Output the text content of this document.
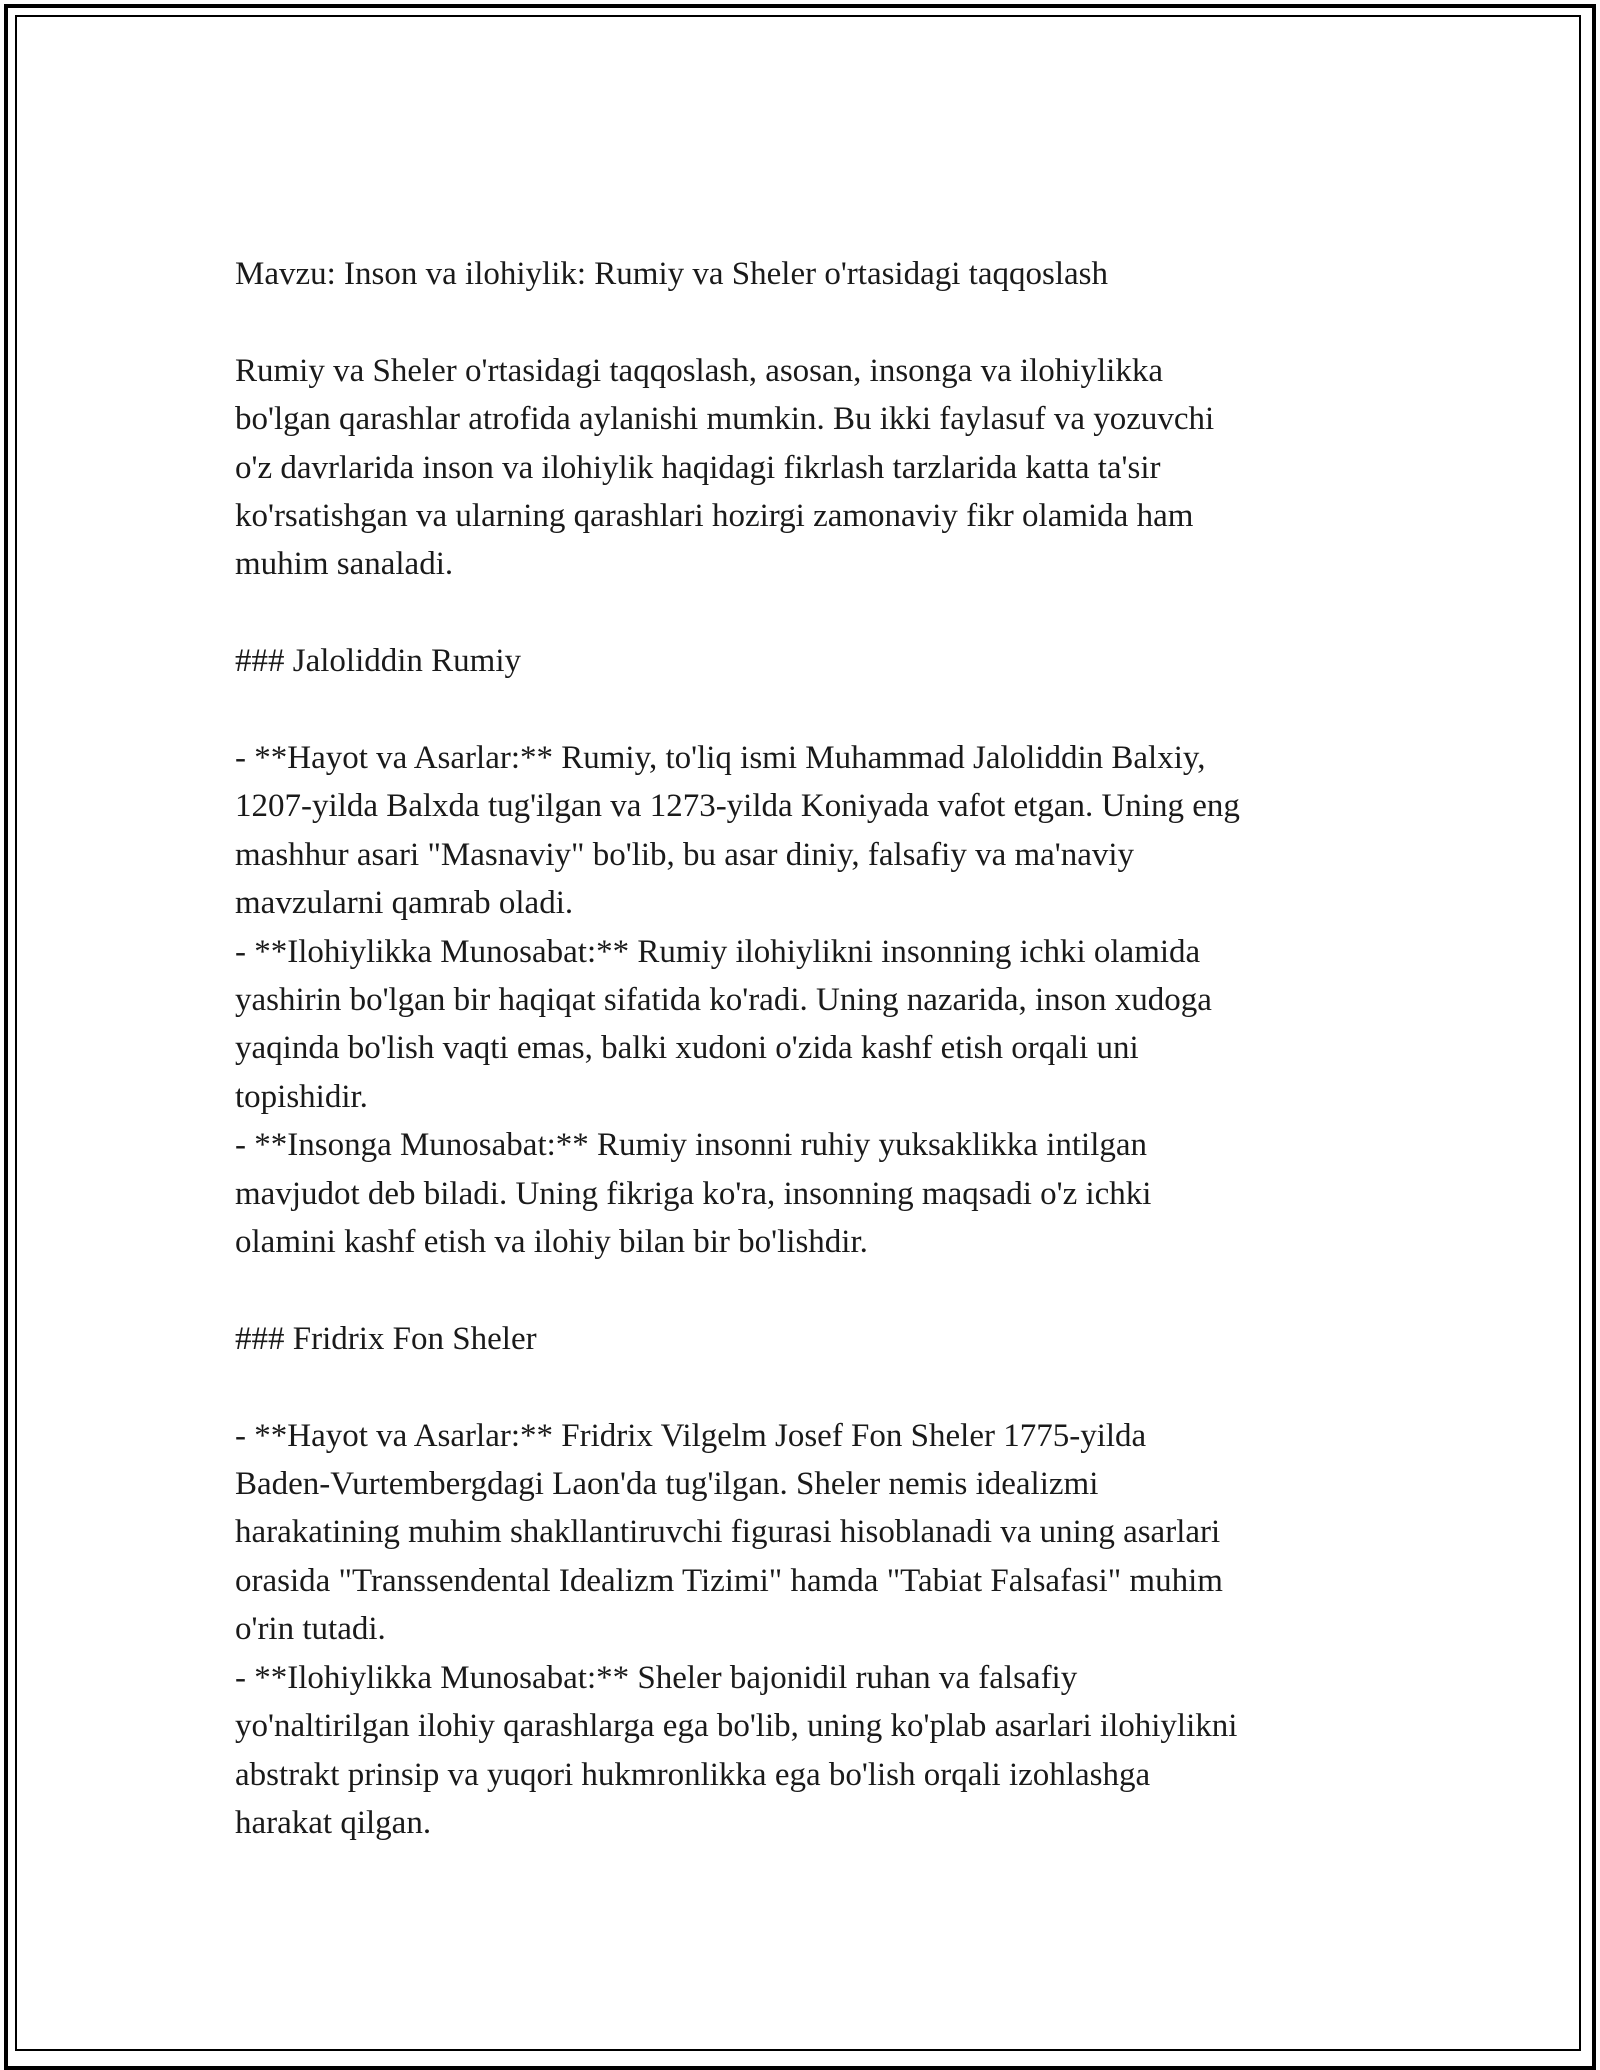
Mavzu: Inson va ilohiylik: Rumiy va Sheler o'rtasidagi taqqoslash

Rumiy va Sheler o'rtasidagi taqqoslash, asosan, insonga va ilohiylikka
bo'lgan qarashlar atrofida aylanishi mumkin. Bu ikki faylasuf va yozuvchi
o'z davrlarida inson va ilohiylik haqidagi fikrlash tarzlarida katta ta'sir
ko'rsatishgan va ularning qarashlari hozirgi zamonaviy fikr olamida ham
muhim sanaladi.

### Jaloliddin Rumiy

- **Hayot va Asarlar:** Rumiy, to'liq ismi Muhammad Jaloliddin Balxiy,
1207-yilda Balxda tug'ilgan va 1273-yilda Koniyada vafot etgan. Uning eng
mashhur asari "Masnaviy" bo'lib, bu asar diniy, falsafiy va ma'naviy
mavzularni qamrab oladi.

- **Ilohiylikka Munosabat:** Rumiy ilohiylikni insonning ichki olamida
yashirin bo'lgan bir haqiqat sifatida ko'radi. Uning nazarida, inson xudoga
yaqinda bo'lish vaqti emas, balki xudoni o'zida kashf etish orqali uni
topishidir.

- **Insonga Munosabat:** Rumiy insonni ruhiy yuksaklikka intilgan
mavjudot deb biladi. Uning fikriga ko'ra, insonning maqsadi o'z ichki
olamini kashf etish va ilohiy bilan bir bo'lishdir.

### Fridrix Fon Sheler

- **Hayot va Asarlar:** Fridrix Vilgelm Josef Fon Sheler 1775-yilda
Baden-Vurtembergdagi Laon'da tug'ilgan. Sheler nemis idealizmi
harakatining muhim shakllantiruvchi figurasi hisoblanadi va uning asarlari
orasida "Transsendental Idealizm Tizimi" hamda "Tabiat Falsafasi" muhim
o'rin tutadi.

- **Ilohiylikka Munosabat:** Sheler bajonidil ruhan va falsafiy
yo'naltirilgan ilohiy qarashlarga ega bo'lib, uning ko'plab asarlari ilohiylikni
abstrakt prinsip va yuqori hukmronlikka ega bo'lish orqali izohlashga
harakat qilgan.
